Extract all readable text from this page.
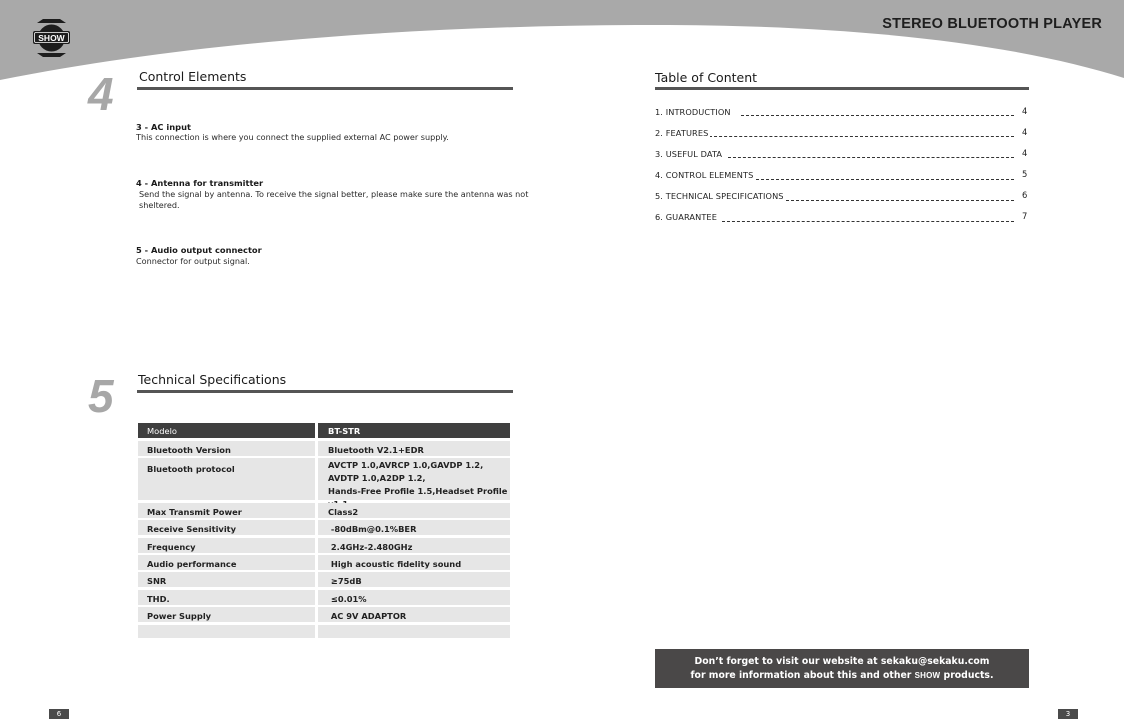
SHOW
STEREO BLUETOOTH PLAYER
4 Control Elements
3 - AC input
This connection is where you connect the supplied external AC power supply.
4 - Antenna for transmitter
Send the signal by antenna. To receive the signal better, please make sure the antenna was not
sheltered.
5 - Audio output connector
Connector for output signal.
5 Technical Specifications
Modelo	BT-STR
Bluetooth Version	Bluetooth V2.1+EDR
Bluetooth protocol	AVCTP 1.0,AVRCP 1.0,GAVDP 1.2,
AVDTP 1.0,A2DP 1.2,
Hands-Free Profile 1.5,Headset Profile
Max Transmit Power	Class2
Receive Sensitivity	-80dBm@0.1%BER
Frequency	2.4GHz-2.480GHz
Audio performance	High acoustic fidelity sound
SNR	≥75dB
THD.	≤0.01%
Power Supply	AC 9V ADAPTOR
6
Table of Content
1. INTRODUCTION	4
2. FEATURES	4
3. USEFUL DATA	4
4. CONTROL ELEMENTS	5
5. TECHNICAL SPECIFICATIONS	6
6. GUARANTEE	7
Don’t forget to visit our website at sekaku@sekaku.com
for more information about this and other SHOW products.
3
